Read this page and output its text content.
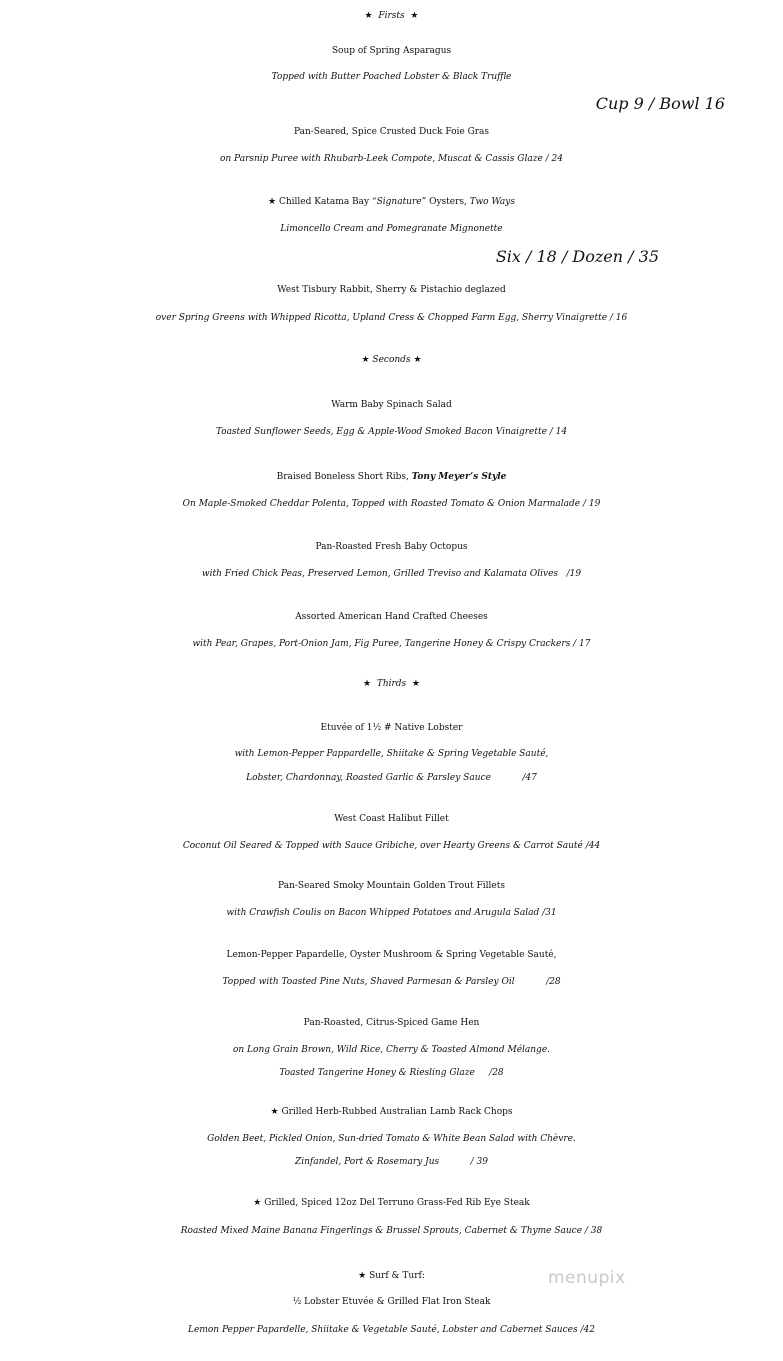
★ Firsts ★
Soup of Spring Asparagus
Topped with Butter Poached Lobster & Black Truffle
Cup 9 / Bowl 16
Pan-Seared, Spice Crusted Duck Foie Gras
on Parsnip Puree with Rhubarb-Leek Compote, Muscat & Cassis Glaze / 24
★ Chilled Katama Bay “Signature” Oysters, Two Ways
Limoncello Cream and Pomegranate Mignonette
Six / 18 / Dozen / 35
West Tisbury Rabbit, Sherry & Pistachio deglazed
over Spring Greens with Whipped Ricotta, Upland Cress & Chopped Farm Egg, Sherry Vinaigrette / 16
★ Seconds ★
Warm Baby Spinach Salad
Toasted Sunflower Seeds, Egg & Apple-Wood Smoked Bacon Vinaigrette / 14
Braised Boneless Short Ribs, Tony Meyer’s Style
On Maple-Smoked Cheddar Polenta, Topped with Roasted Tomato & Onion Marmalade / 19
Pan-Roasted Fresh Baby Octopus
with Fried Chick Peas, Preserved Lemon, Grilled Treviso and Kalamata Olives /19
Assorted American Hand Crafted Cheeses
with Pear, Grapes, Port-Onion Jam, Fig Puree, Tangerine Honey & Crispy Crackers / 17
★ Thirds ★
Etuvée of 1½ # Native Lobster
with Lemon-Pepper Pappardelle, Shiitake & Spring Vegetable Sauté,
Lobster, Chardonnay, Roasted Garlic & Parsley Sauce	/47
West Coast Halibut Fillet
Coconut Oil Seared & Topped with Sauce Gribiche, over Hearty Greens & Carrot Sauté /44
Pan-Seared Smoky Mountain Golden Trout Fillets
with Crawfish Coulis on Bacon Whipped Potatoes and Arugula Salad /31
Lemon-Pepper Papardelle, Oyster Mushroom & Spring Vegetable Sauté,
Topped with Toasted Pine Nuts, Shaved Parmesan & Parsley Oil	/28
Pan-Roasted, Citrus-Spiced Game Hen
on Long Grain Brown, Wild Rice, Cherry & Toasted Almond Mélange.
Toasted Tangerine Honey & Riesling Glaze /28
★ Grilled Herb-Rubbed Australian Lamb Rack Chops
Golden Beet, Pickled Onion, Sun-dried Tomato & White Bean Salad with Chèvre.
Zinfandel, Port & Rosemary Jus	/ 39
★ Grilled, Spiced 12oz Del Terruno Grass-Fed Rib Eye Steak
Roasted Mixed Maine Banana Fingerlings & Brussel Sprouts, Cabernet & Thyme Sauce / 38
★ Surf & Turf:
½ Lobster Etuvée & Grilled Flat Iron Steak
Lemon Pepper Papardelle, Shiitake & Vegetable Sauté, Lobster and Cabernet Sauces /42
menupix
